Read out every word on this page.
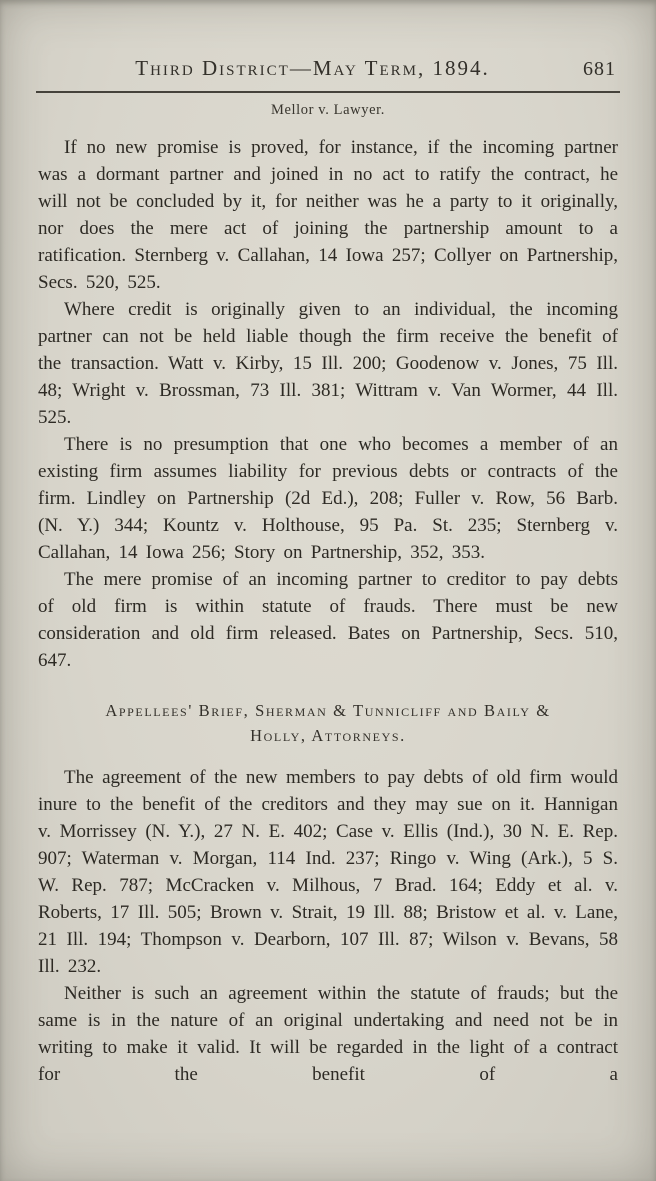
Third District—May Term, 1894.	681
Mellor v. Lawyer.

If no new promise is proved, for instance, if the incoming partner was a dormant partner and joined in no act to ratify the contract, he will not be concluded by it, for neither was he a party to it originally, nor does the mere act of joining the partnership amount to a ratification. Sternberg v. Callahan, 14 Iowa 257; Collyer on Partnership, Secs. 520, 525.

Where credit is originally given to an individual, the incoming partner can not be held liable though the firm receive the benefit of the transaction. Watt v. Kirby, 15 Ill. 200; Goodenow v. Jones, 75 Ill. 48; Wright v. Brossman, 73 Ill. 381; Wittram v. Van Wormer, 44 Ill. 525.

There is no presumption that one who becomes a member of an existing firm assumes liability for previous debts or contracts of the firm. Lindley on Partnership (2d Ed.), 208; Fuller v. Row, 56 Barb. (N. Y.) 344; Kountz v. Holthouse, 95 Pa. St. 235; Sternberg v. Callahan, 14 Iowa 256; Story on Partnership, 352, 353.

The mere promise of an incoming partner to creditor to pay debts of old firm is within statute of frauds. There must be new consideration and old firm released. Bates on Partnership, Secs. 510, 647.

Appellees' Brief, Sherman & Tunnicliff and Baily &
Holly, Attorneys.

The agreement of the new members to pay debts of old firm would inure to the benefit of the creditors and they may sue on it. Hannigan v. Morrissey (N. Y.), 27 N. E. 402; Case v. Ellis (Ind.), 30 N. E. Rep. 907; Waterman v. Morgan, 114 Ind. 237; Ringo v. Wing (Ark.), 5 S. W. Rep. 787; McCracken v. Milhous, 7 Brad. 164; Eddy et al. v. Roberts, 17 Ill. 505; Brown v. Strait, 19 Ill. 88; Bristow et al. v. Lane, 21 Ill. 194; Thompson v. Dearborn, 107 Ill. 87; Wilson v. Bevans, 58 Ill. 232.

Neither is such an agreement within the statute of frauds; but the same is in the nature of an original undertaking and need not be in writing to make it valid. It will be regarded in the light of a contract for the benefit of a
